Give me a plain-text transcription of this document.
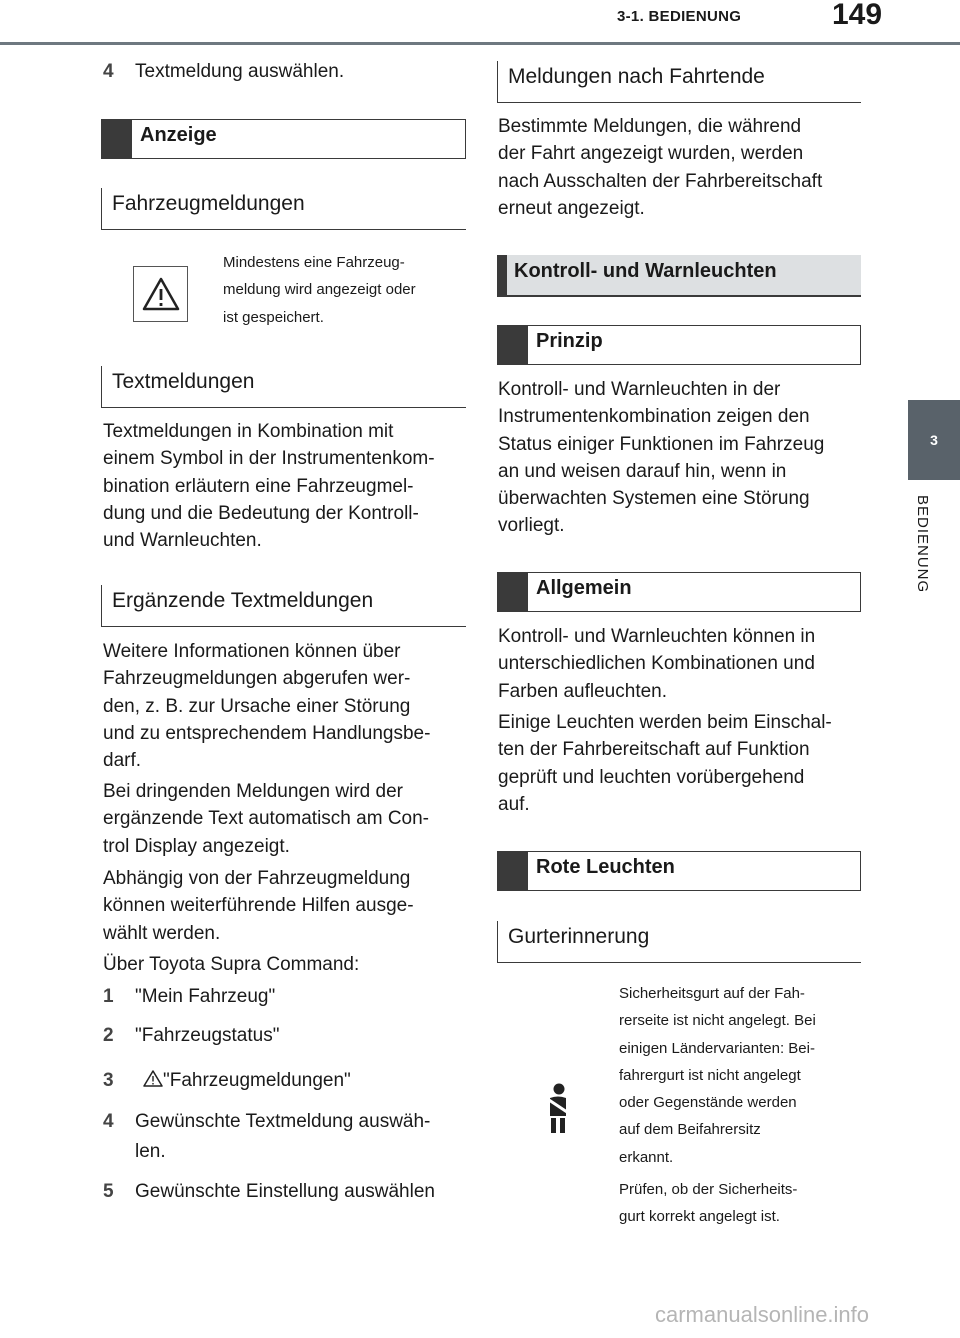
3-1. BEDIENUNG	149
3
BEDIENUNG

4 Textmeldung auswählen.

Anzeige
Fahrzeugmeldungen

Mindestens eine Fahrzeug-
meldung wird angezeigt oder
ist gespeichert.

Textmeldungen

Textmeldungen in Kombination mit
einem Symbol in der Instrumentenkom-
bination erläutern eine Fahrzeugmel-
dung und die Bedeutung der Kontroll-
und Warnleuchten.

Ergänzende Textmeldungen

Weitere Informationen können über
Fahrzeugmeldungen abgerufen wer-
den, z. B. zur Ursache einer Störung
und zu entsprechendem Handlungsbe-
darf.

Bei dringenden Meldungen wird der
ergänzende Text automatisch am Con-
trol Display angezeigt.

Abhängig von der Fahrzeugmeldung
können weiterführende Hilfen ausge-
wählt werden.

Über Toyota Supra Command:

1 "Mein Fahrzeug"

2 "Fahrzeugstatus"

3	"Fahrzeugmeldungen"

4 Gewünschte Textmeldung auswäh-

len.

5 Gewünschte Einstellung auswählen

Meldungen nach Fahrtende

Bestimmte Meldungen, die während
der Fahrt angezeigt wurden, werden
nach Ausschalten der Fahrbereitschaft
erneut angezeigt.

Kontroll- und Warnleuchten
Prinzip

Kontroll- und Warnleuchten in der
Instrumentenkombination zeigen den
Status einiger Funktionen im Fahrzeug
an und weisen darauf hin, wenn in
überwachten Systemen eine Störung
vorliegt.

Allgemein

Kontroll- und Warnleuchten können in
unterschiedlichen Kombinationen und
Farben aufleuchten.

Einige Leuchten werden beim Einschal-
ten der Fahrbereitschaft auf Funktion
geprüft und leuchten vorübergehend
auf.

Rote Leuchten
Gurterinnerung

Sicherheitsgurt auf der Fah-
rerseite ist nicht angelegt. Bei
einigen Ländervarianten: Bei-
fahrergurt ist nicht angelegt
oder Gegenstände werden
auf dem Beifahrersitz
erkannt.

Prüfen, ob der Sicherheits-
gurt korrekt angelegt ist.

carmanualsonline.info
